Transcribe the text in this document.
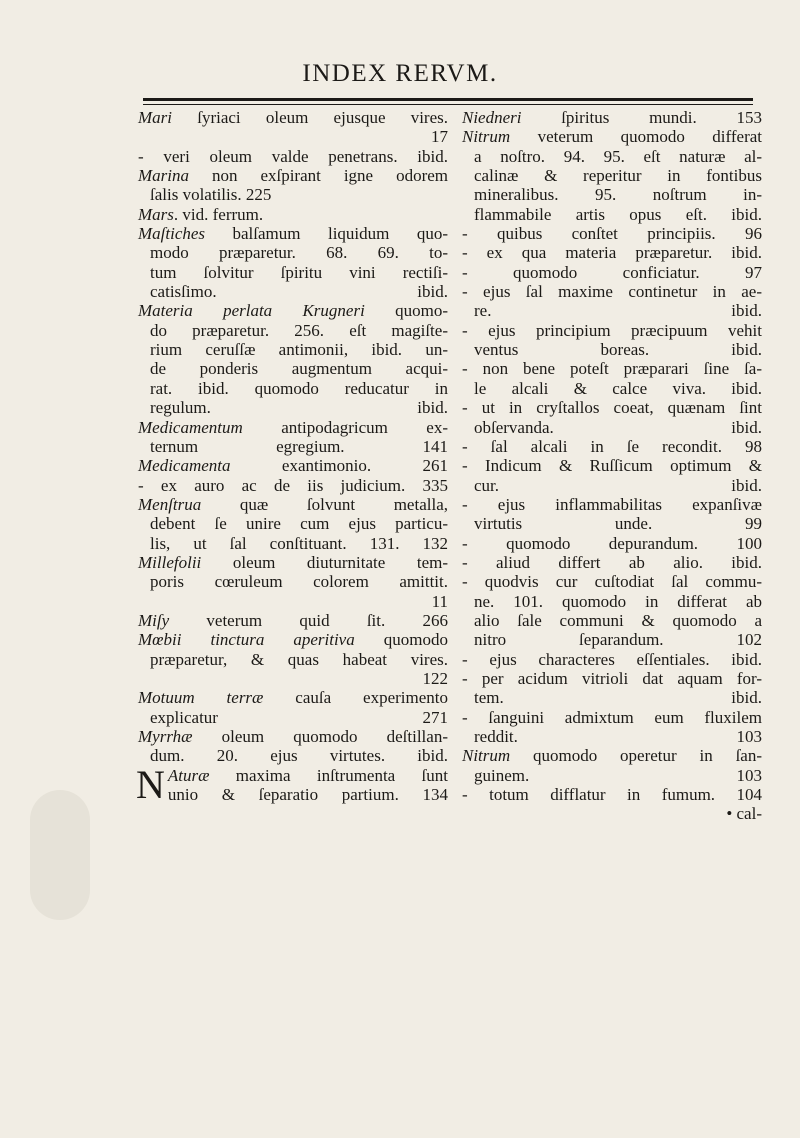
INDEX RERVM.
Mari ſyriaci oleum ejusque vires.
17
- veri oleum valde penetrans. ibid.
Marina non exſpirant igne odorem
ſalis volatilis. 225
Mars. vid. ferrum.
Maſtiches balſamum liquidum quo-
modo præparetur. 68. 69. to-
tum ſolvitur ſpiritu vini rectiſi-
catisſimo. ibid.
Materia perlata Krugneri quomo-
do præparetur. 256. eſt magiſte-
rium ceruſſæ antimonii, ibid. un-
de ponderis augmentum acqui-
rat. ibid. quomodo reducatur in
regulum. ibid.
Medicamentum antipodagricum ex-
ternum egregium. 141
Medicamenta exantimonio. 261
- ex auro ac de iis judicium. 335
Menſtrua quæ ſolvunt metalla,
debent ſe unire cum ejus particu-
lis, ut ſal conſtituant. 131. 132
Millefolii oleum diuturnitate tem-
poris cœruleum colorem amittit.
11
Miſy veterum quid ſit. 266
Mœbii tinctura aperitiva quomodo
præparetur, & quas habeat vires.
122
Motuum terræ cauſa experimento
explicatur 271
Myrrhæ oleum quomodo deſtillan-
dum. 20. ejus virtutes. ibid.
N Aturæ maxima inſtrumenta ſunt
unio & ſeparatio partium. 134
Niedneri ſpiritus mundi. 153
Nitrum veterum quomodo differat
a noſtro. 94. 95. eſt naturæ al-
calinæ & reperitur in fontibus
mineralibus. 95. noſtrum in-
flammabile artis opus eſt. ibid.
- quibus conſtet principiis. 96
- ex qua materia præparetur. ibid.
- quomodo conficiatur. 97
- ejus ſal maxime continetur in ae-
re. ibid.
- ejus principium præcipuum vehit
ventus boreas. ibid.
- non bene poteſt præparari ſine ſa-
le alcali & calce viva. ibid.
- ut in cryſtallos coeat, quænam ſint
obſervanda. ibid.
- ſal alcali in ſe recondit. 98
- Indicum & Ruſſicum optimum &
cur. ibid.
- ejus inflammabilitas expanſivæ
virtutis unde. 99
- quomodo depurandum. 100
- aliud differt ab alio. ibid.
- quodvis cur cuſtodiat ſal commu-
ne. 101. quomodo in differat ab
alio ſale communi & quomodo a
nitro ſeparandum. 102
- ejus characteres eſſentiales. ibid.
- per acidum vitrioli dat aquam for-
tem. ibid.
- ſanguini admixtum eum fluxilem
reddit. 103
Nitrum quomodo operetur in ſan-
guinem. 103
- totum difflatur in fumum. 104
• cal-
